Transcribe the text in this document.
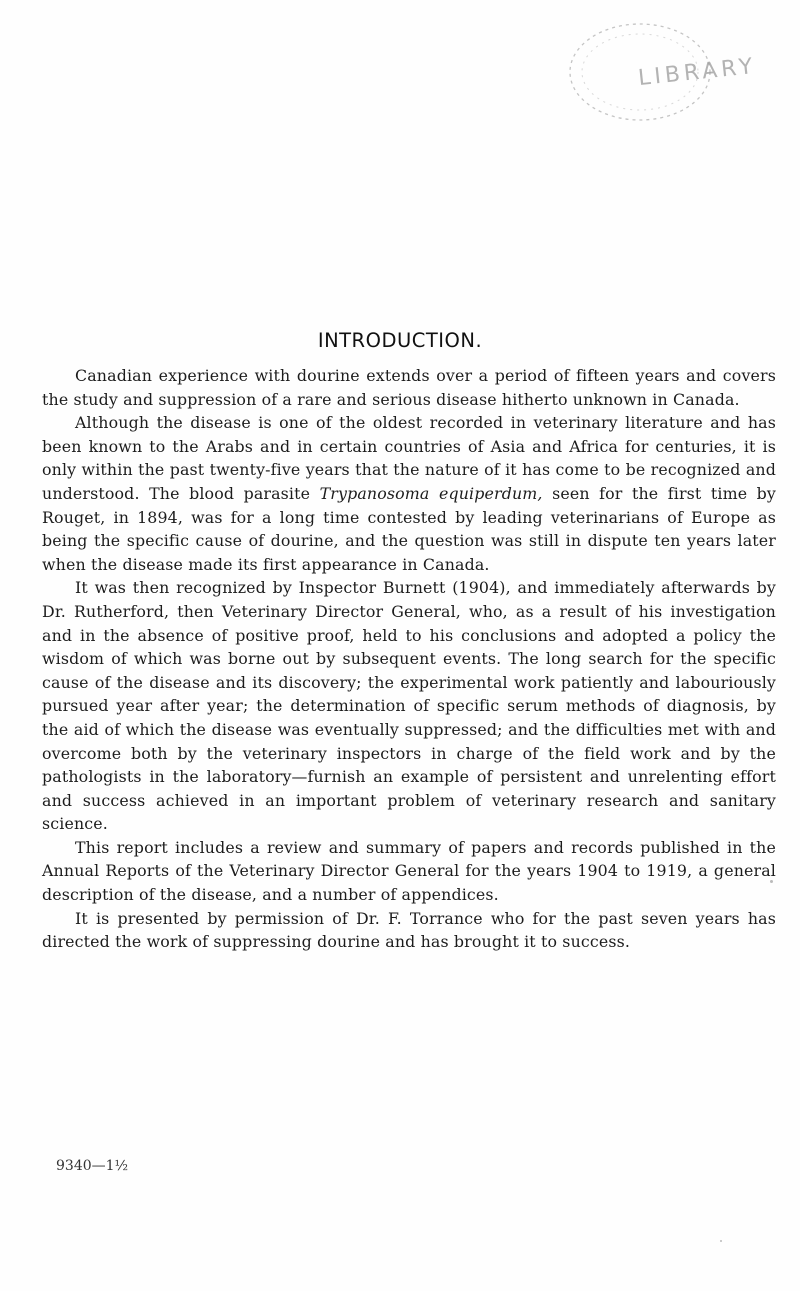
LIBRARY
INTRODUCTION.

Canadian experience with dourine extends over a period of fifteen years and covers the study and suppression of a rare and serious disease hitherto unknown in Canada.

Although the disease is one of the oldest recorded in veterinary literature and has been known to the Arabs and in certain countries of Asia and Africa for centuries, it is only within the past twenty-five years that the nature of it has come to be recognized and understood. The blood parasite Trypanosoma equiperdum, seen for the first time by Rouget, in 1894, was for a long time contested by leading veterinarians of Europe as being the specific cause of dourine, and the question was still in dispute ten years later when the disease made its first appearance in Canada.

It was then recognized by Inspector Burnett (1904), and immediately afterwards by Dr. Rutherford, then Veterinary Director General, who, as a result of his investigation and in the absence of positive proof, held to his conclusions and adopted a policy the wisdom of which was borne out by subsequent events. The long search for the specific cause of the disease and its discovery; the experimental work patiently and labouriously pursued year after year; the determination of specific serum methods of diagnosis, by the aid of which the disease was eventually suppressed; and the difficulties met with and overcome both by the veterinary inspectors in charge of the field work and by the pathologists in the laboratory—furnish an example of persistent and unrelenting effort and success achieved in an important problem of veterinary research and sanitary science.

This report includes a review and summary of papers and records published in the Annual Reports of the Veterinary Director General for the years 1904 to 1919, a general description of the disease, and a number of appendices.

It is presented by permission of Dr. F. Torrance who for the past seven years has directed the work of suppressing dourine and has brought it to success.

9340—1½
